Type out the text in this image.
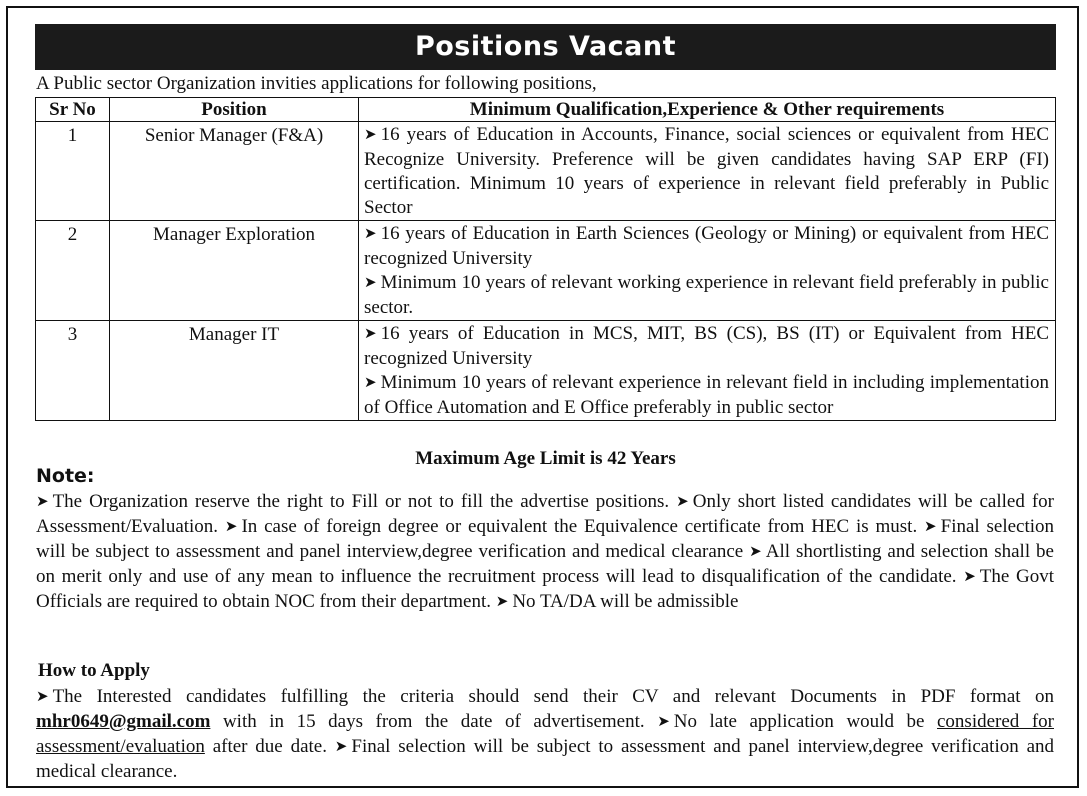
Positions Vacant
A Public sector Organization invities applications for following positions,
Sr No	Position	Minimum Qualification,Experience & Other requirements
1	Senior Manager (F&A)	➤ 16 years of Education in Accounts, Finance, social sciences or equivalent from HEC Recognize University. Preference will be given candidates having SAP ERP (FI) certification. Minimum 10 years of experience in relevant field preferably in Public Sector

2	Manager Exploration	➤ 16 years of Education in Earth Sciences (Geology or Mining) or equivalent from HEC recognized University
➤ Minimum 10 years of relevant working experience in relevant field preferably in public sector.

3	Manager IT	➤ 16 years of Education in MCS, MIT, BS (CS), BS (IT) or Equivalent from HEC recognized University
➤ Minimum 10 years of relevant experience in relevant field in including implementation of Office Automation and E Office preferably in public sector
Maximum Age Limit is 42 Years
Note:
➤ The Organization reserve the right to Fill or not to fill the advertise positions. ➤ Only short listed candidates will be called for Assessment/Evaluation. ➤ In case of foreign degree or equivalent the Equivalence certificate from HEC is must. ➤ Final selection will be subject to assessment and panel interview,degree verification and medical clearance ➤ All shortlisting and selection shall be on merit only and use of any mean to influence the recruitment process will lead to disqualification of the candidate. ➤ The Govt Officials are required to obtain NOC from their department. ➤ No TA/DA will be admissible
How to Apply
➤ The Interested candidates fulfilling the criteria should send their CV and relevant Documents in PDF format on mhr0649@gmail.com with in 15 days from the date of advertisement. ➤ No late application would be considered for assessment/evaluation after due date. ➤ Final selection will be subject to assessment and panel interview,degree verification and medical clearance.
